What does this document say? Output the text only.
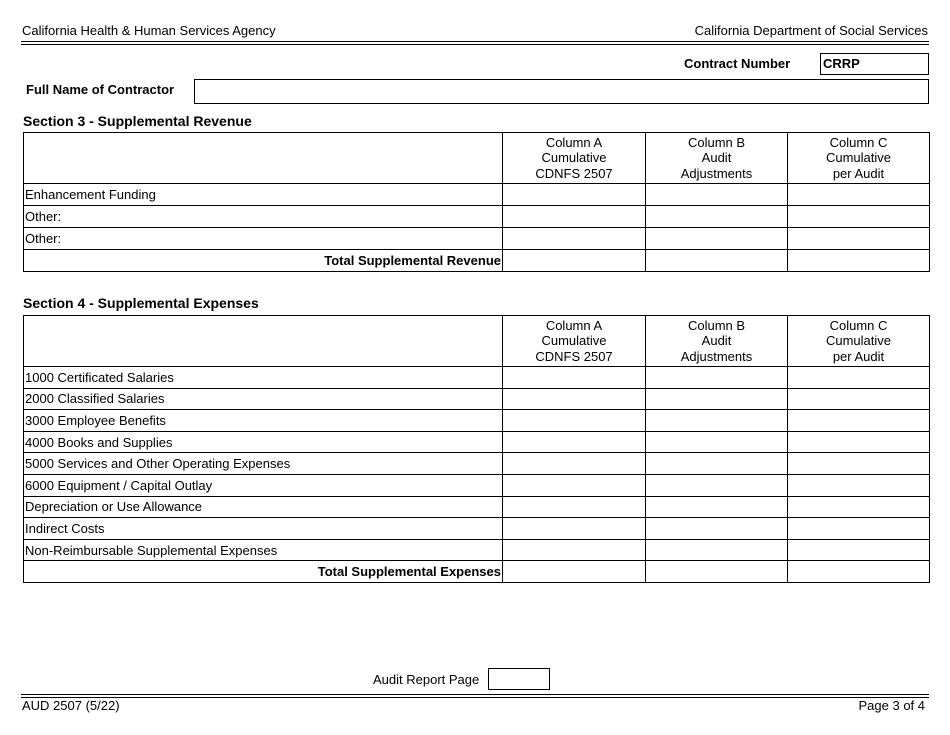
California Health & Human Services Agency	California Department of Social Services
Contract Number	CRRP
Full Name of Contractor
Section 3 - Supplemental Revenue

	Column A
Cumulative
CDNFS 2507	Column B
Audit
Adjustments	Column C
Cumulative
per Audit

Enhancement Funding			
Other:			
Other:			
Total Supplemental Revenue			
Section 4 - Supplemental Expenses

	Column A
Cumulative
CDNFS 2507	Column B
Audit
Adjustments	Column C
Cumulative
per Audit

1000 Certificated Salaries			
2000 Classified Salaries			
3000 Employee Benefits			
4000 Books and Supplies			
5000 Services and Other Operating Expenses			
6000 Equipment / Capital Outlay			
Depreciation or Use Allowance			
Indirect Costs			
Non-Reimbursable Supplemental Expenses			
Total Supplemental Expenses			
Audit Report Page
AUD 2507 (5/22)	Page 3 of 4
